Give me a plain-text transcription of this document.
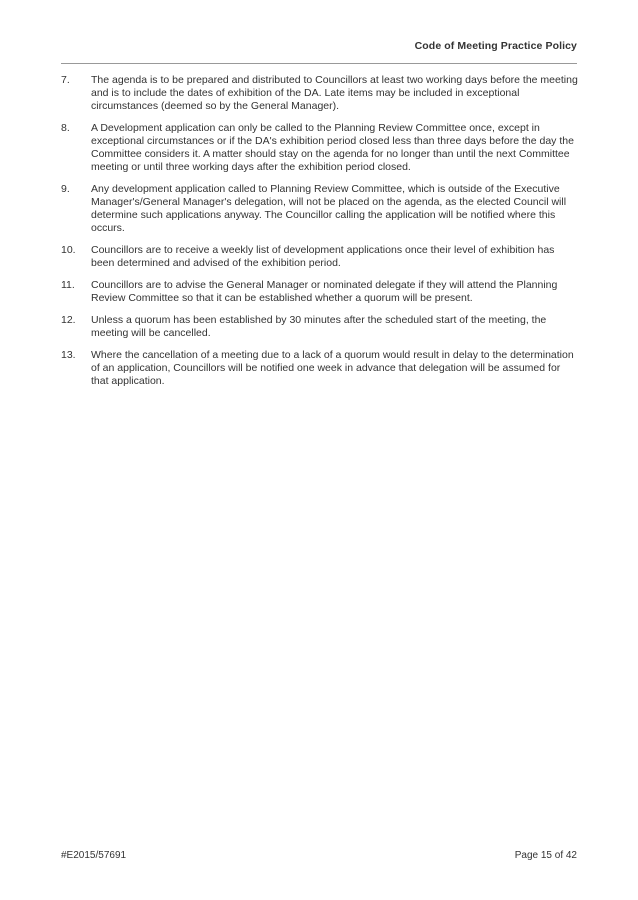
Code of Meeting Practice Policy
7.	The agenda is to be prepared and distributed to Councillors at least two working days before the meeting and is to include the dates of exhibition of the DA. Late items may be included in exceptional circumstances (deemed so by the General Manager).
8.	A Development application can only be called to the Planning Review Committee once, except in exceptional circumstances or if the DA's exhibition period closed less than three days before the day the Committee considers it. A matter should stay on the agenda for no longer than until the next Committee meeting or until three working days after the exhibition period closed.
9.	Any development application called to Planning Review Committee, which is outside of the Executive Manager's/General Manager's delegation, will not be placed on the agenda, as the elected Council will determine such applications anyway. The Councillor calling the application will be notified where this occurs.
10.	Councillors are to receive a weekly list of development applications once their level of exhibition has been determined and advised of the exhibition period.
11.	Councillors are to advise the General Manager or nominated delegate if they will attend the Planning Review Committee so that it can be established whether a quorum will be present.
12.	Unless a quorum has been established by 30 minutes after the scheduled start of the meeting, the meeting will be cancelled.
13.	Where the cancellation of a meeting due to a lack of a quorum would result in delay to the determination of an application, Councillors will be notified one week in advance that delegation will be assumed for that application.
#E2015/57691	Page 15 of 42
